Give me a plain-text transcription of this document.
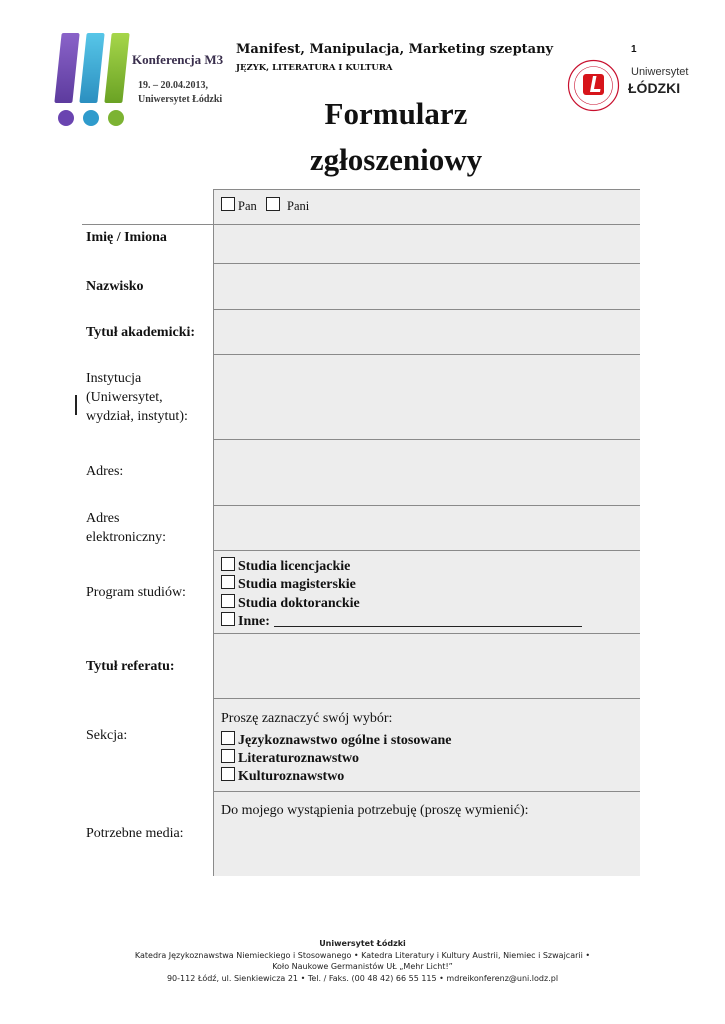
Konferencja M3
19. – 20.04.2013,
Uniwersytet Łódzki
Manifest, Manipulacja, Marketing szeptany
JĘZYK, LITERATURA I KULTURA
1
Uniwersytet
ŁÓDZKI
Formularz
zgłoszeniowy
Pan	Pani
Imię / Imiona
Nazwisko
Tytuł akademicki:
Instytucja
(Uniwersytet,
wydział, instytut):
Adres:
Adres
elektroniczny:
Program studiów:
Tytuł referatu:
Sekcja:
Potrzebne media:
Studia licencjackie
Studia magisterskie
Studia doktoranckie
Inne:
Proszę zaznaczyć swój wybór:
Językoznawstwo ogólne i stosowane
Literaturoznawstwo
Kulturoznawstwo
Do mojego wystąpienia potrzebuję (proszę wymienić):
Uniwersytet Łódzki
Katedra Językoznawstwa Niemieckiego i Stosowanego • Katedra Literatury i Kultury Austrii, Niemiec i Szwajcarii •
Koło Naukowe Germanistów UŁ „Mehr Licht!”
90-112 Łódź, ul. Sienkiewicza 21 • Tel. / Faks. (00 48 42) 66 55 115 • mdreikonferenz@uni.lodz.pl
